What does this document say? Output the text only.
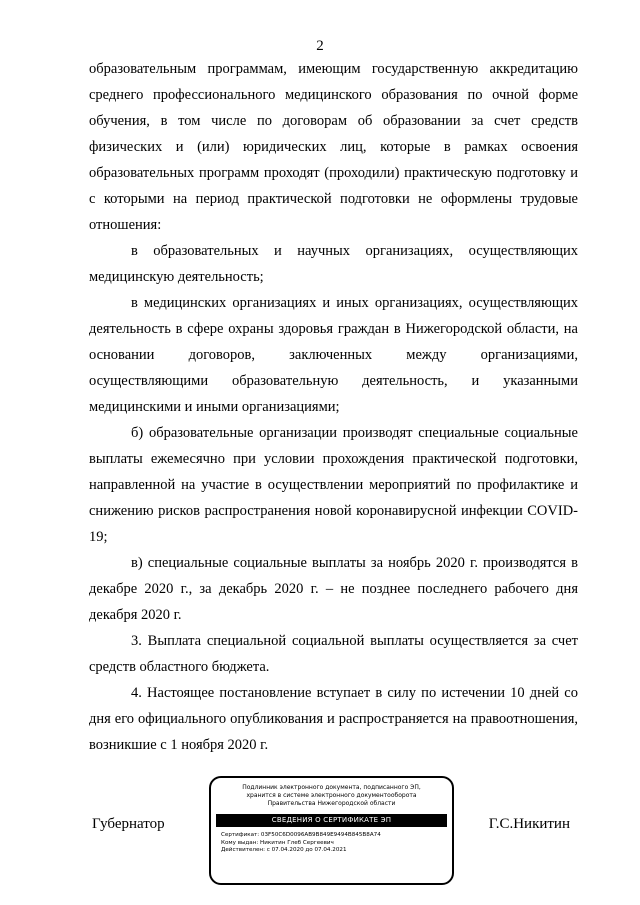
2

образовательным программам, имеющим государственную аккредитацию среднего профессионального медицинского образования по очной форме обучения, в том числе по договорам об образовании за счет средств физических и (или) юридических лиц, которые в рамках освоения образовательных программ проходят (проходили) практическую подготовку и с которыми на период практической подготовки не оформлены трудовые отношения:

в образовательных и научных организациях, осуществляющих медицинскую деятельность;

в медицинских организациях и иных организациях, осуществляющих деятельность в сфере охраны здоровья граждан в Нижегородской области, на основании договоров, заключенных между организациями, осуществляющими образовательную деятельность, и указанными медицинскими и иными организациями;

б) образовательные организации производят специальные социальные выплаты ежемесячно при условии прохождения практической подготовки, направленной на участие в осуществлении мероприятий по профилактике и снижению рисков распространения новой коронавирусной инфекции COVID-19;

в) специальные социальные выплаты за ноябрь 2020 г. производятся в декабре 2020 г., за декабрь 2020 г. – не позднее последнего рабочего дня декабря 2020 г.

3. Выплата специальной социальной выплаты осуществляется за счет средств областного бюджета.

4. Настоящее постановление вступает в силу по истечении 10 дней со дня его официального опубликования и распространяется на правоотношения, возникшие с 1 ноября 2020 г.

Губернатор	Г.С.Никитин
Подлинник электронного документа, подписанного ЭП,
хранится в системе электронного документооборота
Правительства Нижегородской области
СВЕДЕНИЯ О СЕРТИФИКАТЕ ЭП
Сертификат: 03F50C6D0096AB9B849E9494B845B8A74
Кому выдан: Никитин Глеб Сергеевич
Действителен: с 07.04.2020 до 07.04.2021
